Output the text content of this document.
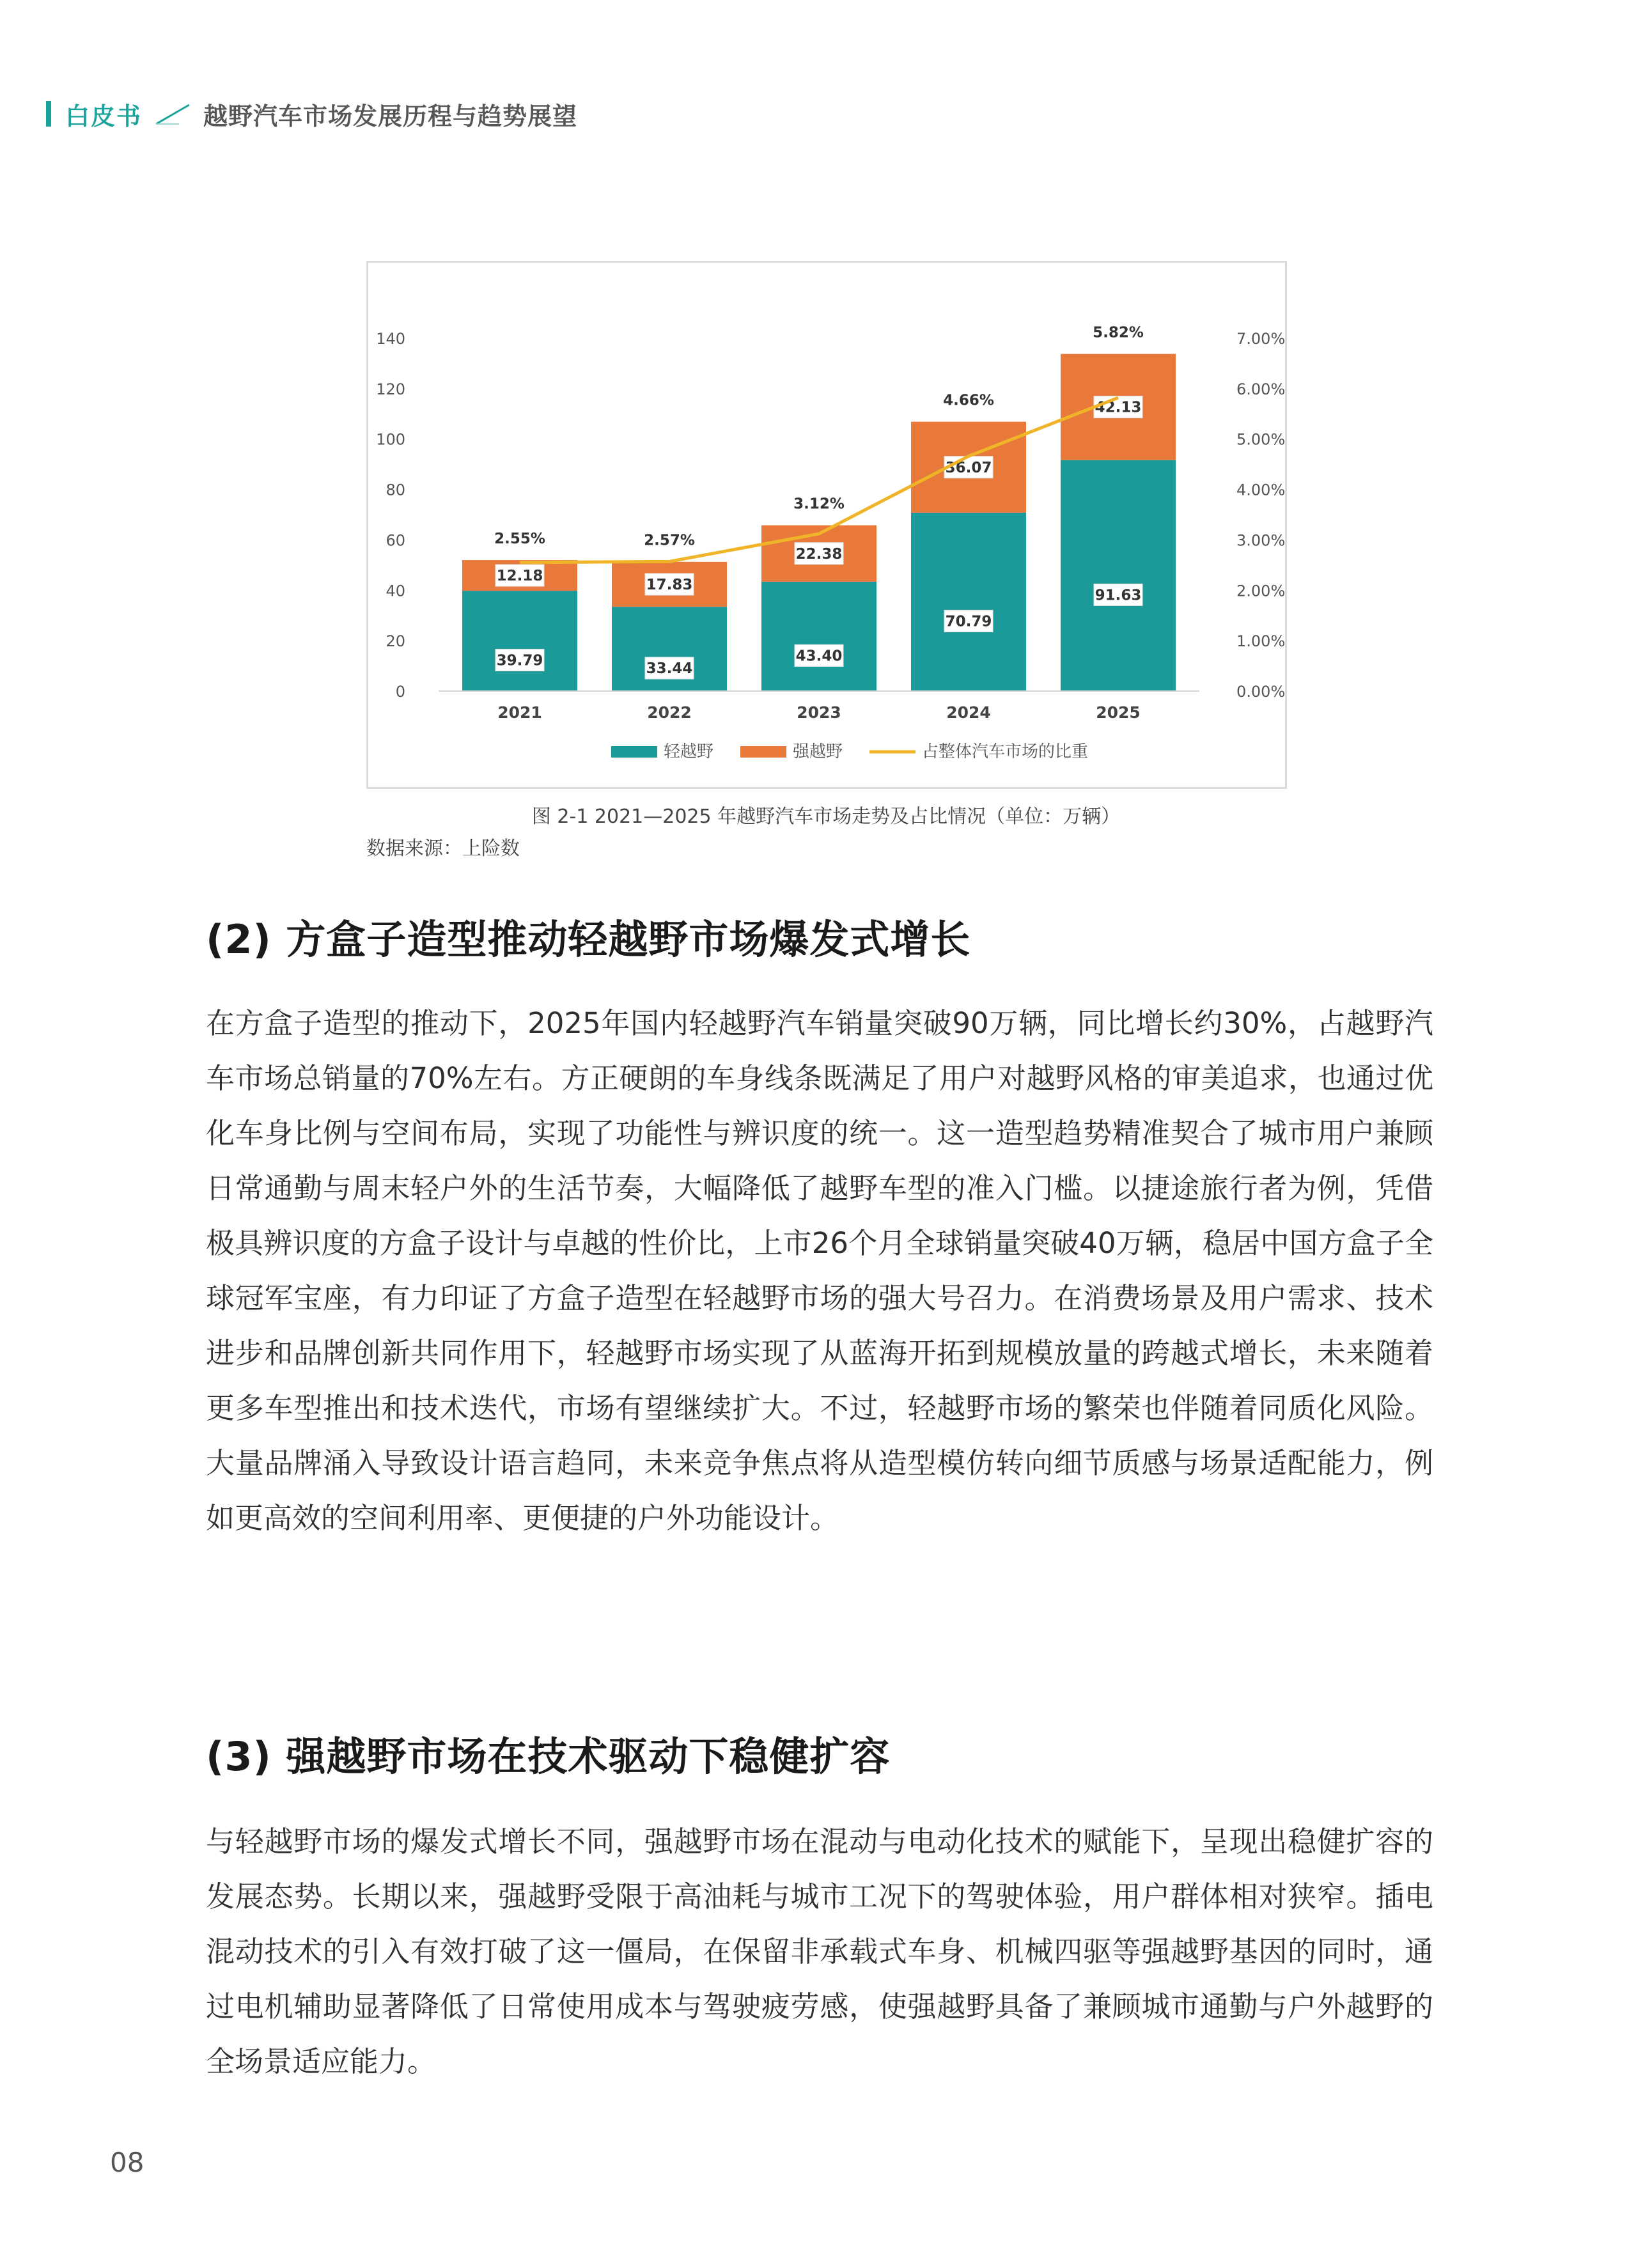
白皮书	越野汽车市场发展历程与趋势展望
0
20
40
60
80
100
120
140
0.00%
1.00%
2.00%
3.00%
4.00%
5.00%
6.00%
7.00%
39.79
12.18
33.44
17.83
43.40
22.38
70.79
36.07
91.63
42.13
2.55%	2.57%
3.12%
4.66%
5.82%
2021	2022	2023	2024	2025
轻越野	强越野	占整体汽车市场的比重
图 2-1 2021—2025 年越野汽车市场走势及占比情况（单位：万辆）
数据来源：上险数
(2) 方盒子造型推动轻越野市场爆发式增长

在方盒子造型的推动下，2025年国内轻越野汽车销量突破90万辆，同比增长约30%，占越野汽车市场总销量的70%左右。方正硬朗的车身线条既满足了用户对越野风格的审美追求，也通过优化车身比例与空间布局，实现了功能性与辨识度的统一。这一造型趋势精准契合了城市用户兼顾日常通勤与周末轻户外的生活节奏，大幅降低了越野车型的准入门槛。以捷途旅行者为例，凭借极具辨识度的方盒子设计与卓越的性价比，上市26个月全球销量突破40万辆，稳居中国方盒子全球冠军宝座，有力印证了方盒子造型在轻越野市场的强大号召力。在消费场景及用户需求、技术进步和品牌创新共同作用下，轻越野市场实现了从蓝海开拓到规模放量的跨越式增长，未来随着更多车型推出和技术迭代，市场有望继续扩大。不过，轻越野市场的繁荣也伴随着同质化风险。大量品牌涌入导致设计语言趋同，未来竞争焦点将从造型模仿转向细节质感与场景适配能力，例如更高效的空间利用率、更便捷的户外功能设计。

(3) 强越野市场在技术驱动下稳健扩容

与轻越野市场的爆发式增长不同，强越野市场在混动与电动化技术的赋能下，呈现出稳健扩容的发展态势。长期以来，强越野受限于高油耗与城市工况下的驾驶体验，用户群体相对狭窄。插电混动技术的引入有效打破了这一僵局，在保留非承载式车身、机械四驱等强越野基因的同时，通过电机辅助显著降低了日常使用成本与驾驶疲劳感，使强越野具备了兼顾城市通勤与户外越野的全场景适应能力。

08
